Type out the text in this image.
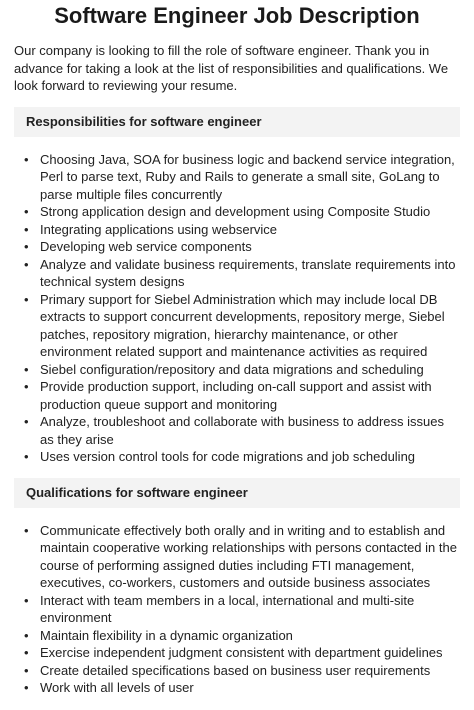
Software Engineer Job Description

Our company is looking to fill the role of software engineer. Thank you in advance for taking a look at the list of responsibilities and qualifications. We look forward to reviewing your resume.

Responsibilities for software engineer
• Choosing Java, SOA for business logic and backend service integration, Perl to parse text, Ruby and Rails to generate a small site, GoLang to parse multiple files concurrently
• Strong application design and development using Composite Studio
• Integrating applications using webservice
• Developing web service components
• Analyze and validate business requirements, translate requirements into technical system designs
• Primary support for Siebel Administration which may include local DB extracts to support concurrent developments, repository merge, Siebel patches, repository migration, hierarchy maintenance, or other environment related support and maintenance activities as required
• Siebel configuration/repository and data migrations and scheduling
• Provide production support, including on-call support and assist with production queue support and monitoring
• Analyze, troubleshoot and collaborate with business to address issues as they arise
• Uses version control tools for code migrations and job scheduling
Qualifications for software engineer
• Communicate effectively both orally and in writing and to establish and maintain cooperative working relationships with persons contacted in the course of performing assigned duties including FTI management, executives, co-workers, customers and outside business associates
• Interact with team members in a local, international and multi-site environment
• Maintain flexibility in a dynamic organization
• Exercise independent judgment consistent with department guidelines
• Create detailed specifications based on business user requirements
• Work with all levels of user
